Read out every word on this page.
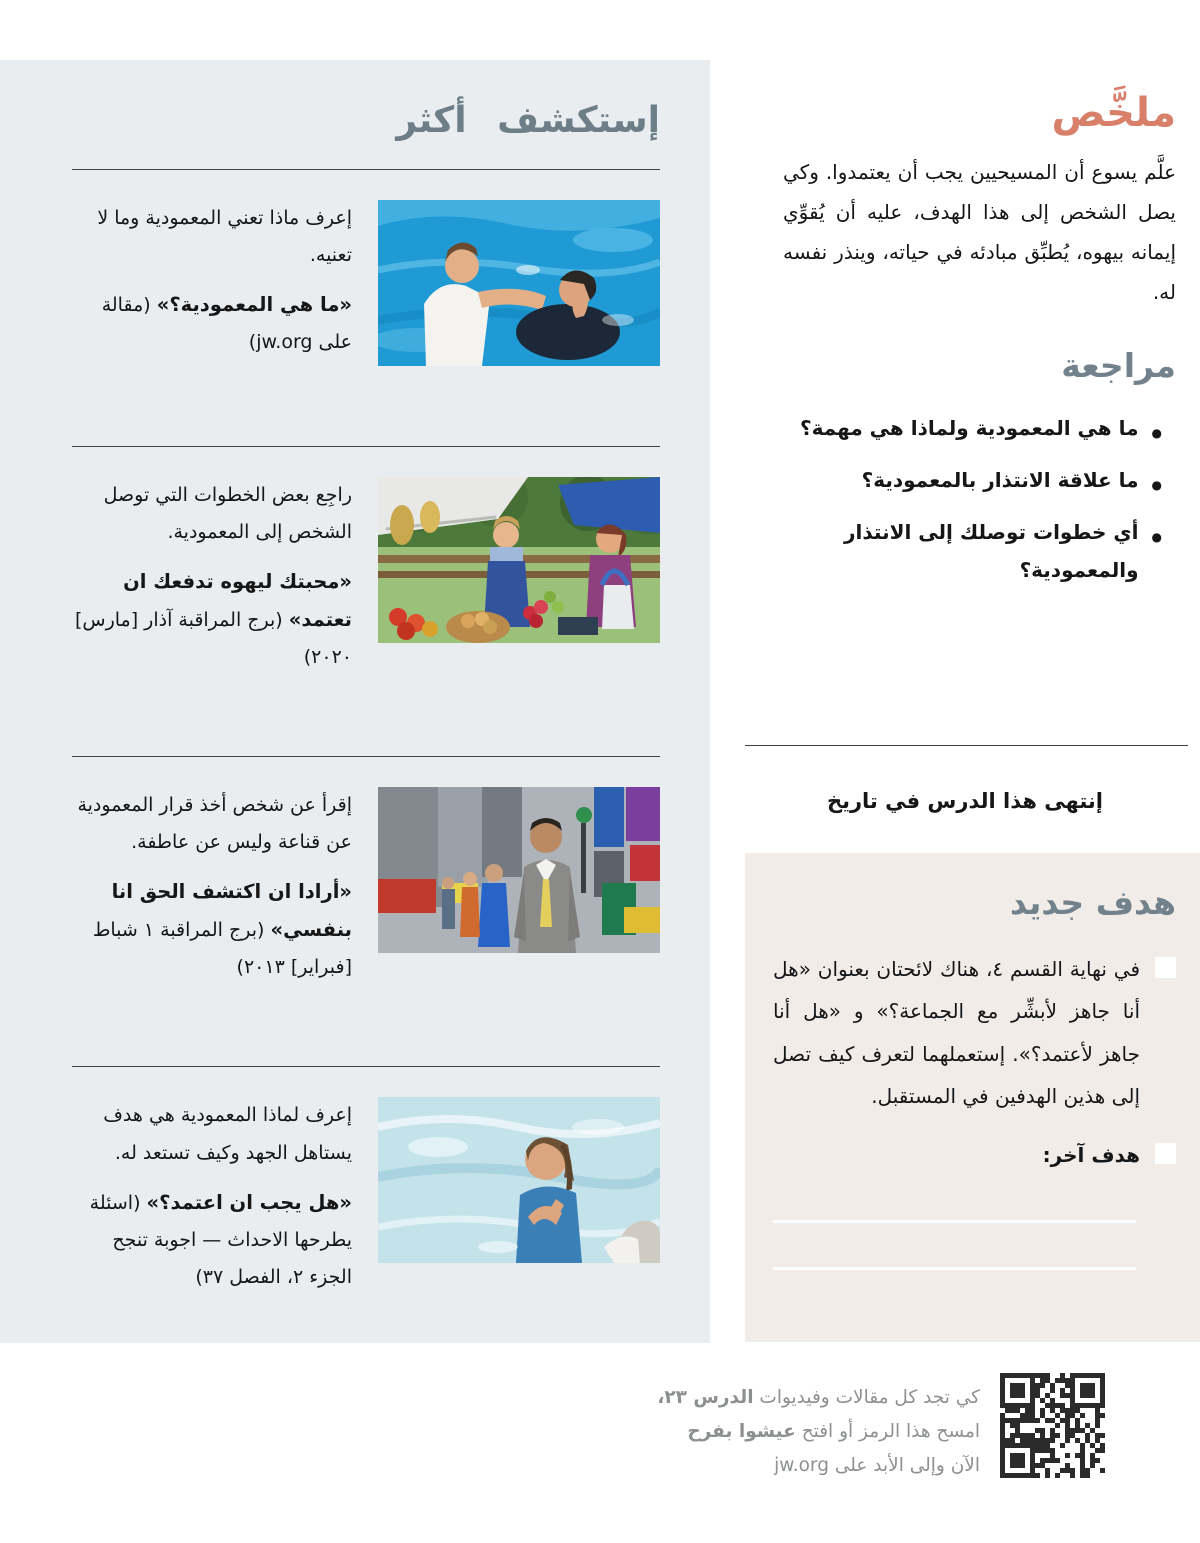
إستكشف أكثر

إعرف ماذا تعني المعمودية وما لا تعنيه.

«ما هي المعمودية؟» (مقالة على jw.org)

راجِع بعض الخطوات التي توصل الشخص إلى المعمودية.

«محبتك ليهوه تدفعك ان تعتمد» (برج المراقبة آذار [مارس] ٢٠٢٠)

إقرأ عن شخص أخذ قرار المعمودية عن قناعة وليس عن عاطفة.

«أرادا ان اكتشف الحق انا بنفسي» (برج المراقبة ١ شباط [فبراير] ٢٠١٣)

إعرف لماذا المعمودية هي هدف يستاهل الجهد وكيف تستعد له.

«هل يجب ان اعتمد؟» (اسئلة يطرحها الاحداث — اجوبة تنجح الجزء ٢، الفصل ٣٧)

ملخَّص

علَّم يسوع أن المسيحيين يجب أن يعتمدوا. وكي يصل الشخص إلى هذا الهدف، عليه أن يُقوِّي إيمانه بيهوه، يُطبِّق مبادئه في حياته، وينذر نفسه له.

مراجعة
●
ما هي المعمودية ولماذا هي مهمة؟
●
ما علاقة الانتذار بالمعمودية؟
●
أي خطوات توصلك إلى الانتذار والمعمودية؟

إنتهى هذا الدرس في تاريخ

هدف جديد

في نهاية القسم ٤، هناك لائحتان بعنوان «هل أنا جاهز لأبشِّر مع الجماعة؟» و «هل أنا جاهز لأعتمد؟». إستعملهما لتعرف كيف تصل إلى هذين الهدفين في المستقبل.

هدف آخر:

كي تجد كل مقالات وفيديوات الدرس ٢٣،

امسح هذا الرمز أو افتح عيشوا بفرح

الآن وإلى الأبد على jw.org
